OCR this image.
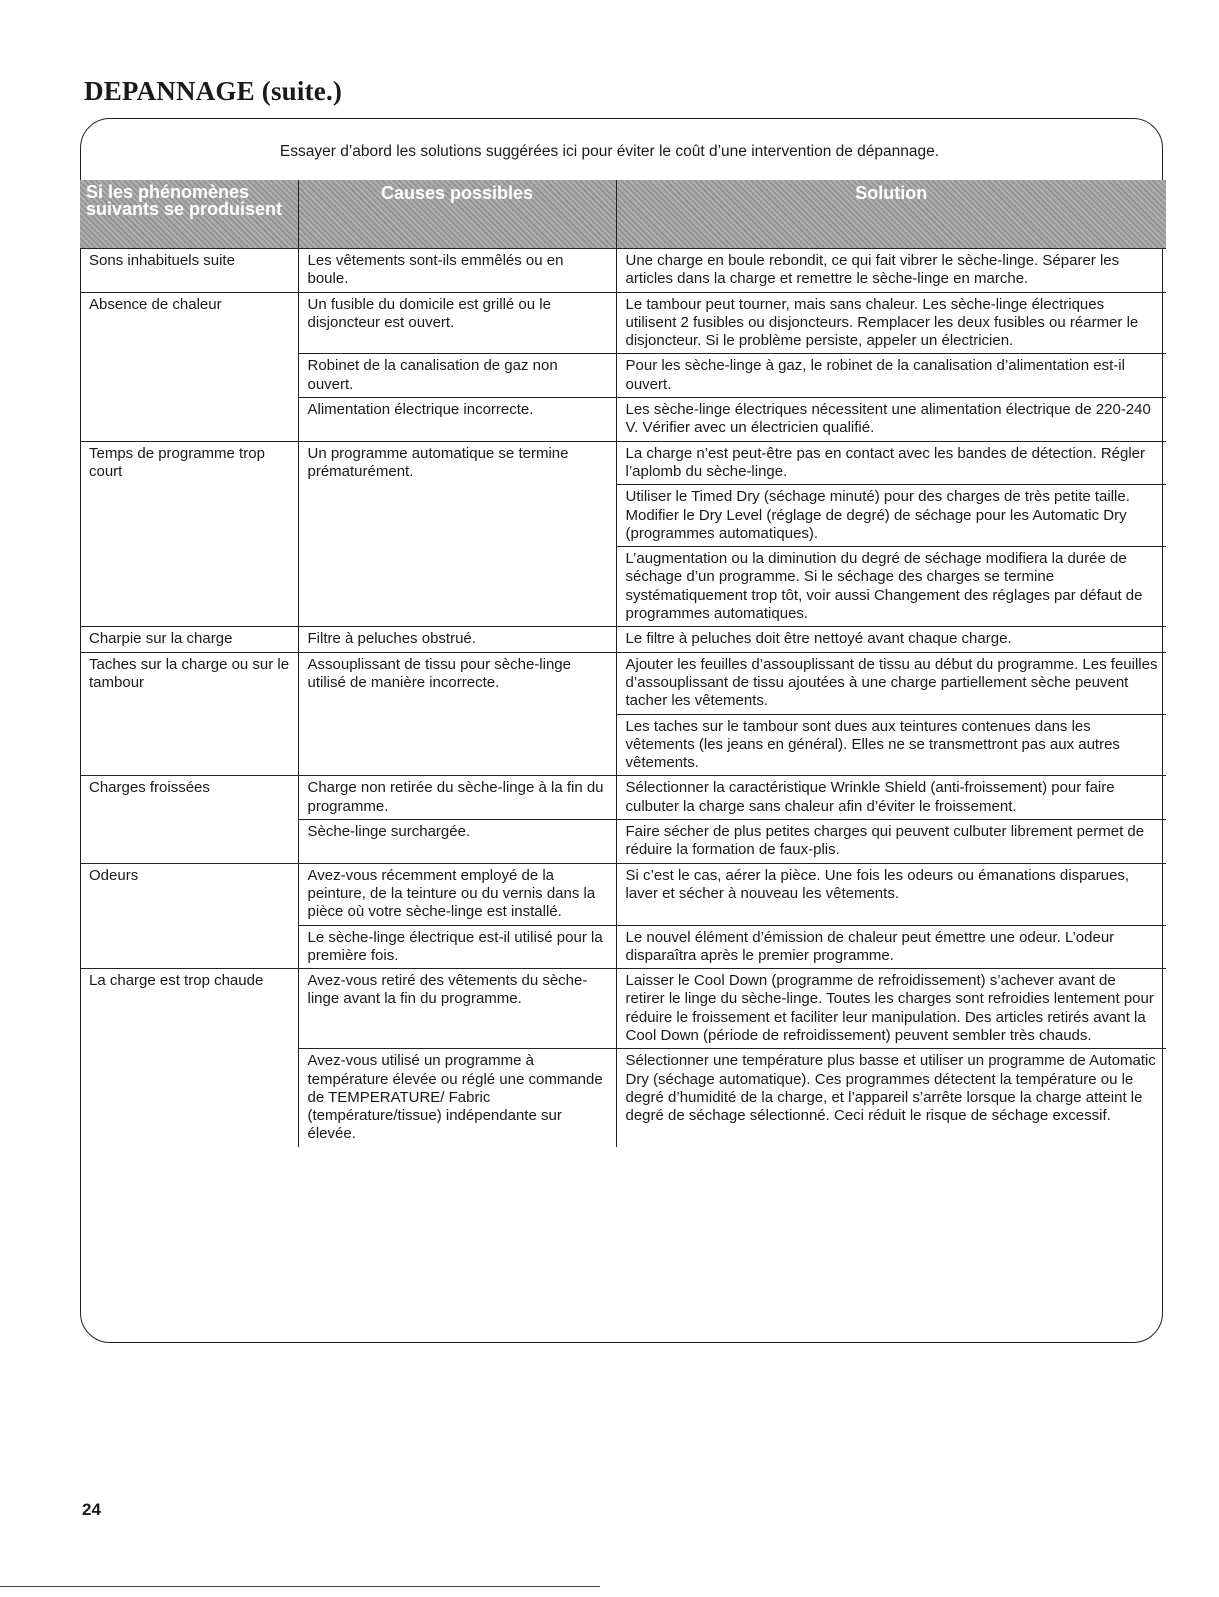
DEPANNAGE (suite.)

Essayer d’abord les solutions suggérées ici pour éviter le coût d’une intervention de dépannage.

Si les phénomènes suivants se produisent	Causes possibles	Solution
Sons inhabituels suite	Les vêtements sont-ils emmêlés ou en boule.	Une charge en boule rebondit, ce qui fait vibrer le sèche-linge. Séparer les articles dans la charge et remettre le sèche-linge en marche.
Absence de chaleur	Un fusible du domicile est grillé ou le disjoncteur est ouvert.	Le tambour peut tourner, mais sans chaleur. Les sèche-linge électriques utilisent 2 fusibles ou disjoncteurs. Remplacer les deux fusibles ou réarmer le disjoncteur. Si le problème persiste, appeler un électricien.
	Robinet de la canalisation de gaz non ouvert.	Pour les sèche-linge à gaz, le robinet de la canalisation d’alimentation est-il ouvert.
	Alimentation électrique incorrecte.	Les sèche-linge électriques nécessitent une alimentation électrique de 220-240 V. Vérifier avec un électricien qualifié.
Temps de programme trop court	Un programme automatique se termine prématurément.	La charge n’est peut-être pas en contact avec les bandes de détection. Régler l’aplomb du sèche-linge.
		Utiliser le Timed Dry (séchage minuté) pour des charges de très petite taille. Modifier le Dry Level (réglage de degré) de séchage pour les Automatic Dry (programmes automatiques).
		L’augmentation ou la diminution du degré de séchage modifiera la durée de séchage d’un programme. Si le séchage des charges se termine systématiquement trop tôt, voir aussi Changement des réglages par défaut de programmes automatiques.
Charpie sur la charge	Filtre à peluches obstrué.	Le filtre à peluches doit être nettoyé avant chaque charge.
Taches sur la charge ou sur le tambour	Assouplissant de tissu pour sèche-linge utilisé de manière incorrecte.	Ajouter les feuilles d’assouplissant de tissu au début du programme. Les feuilles d’assouplissant de tissu ajoutées à une charge partiellement sèche peuvent tacher les vêtements.
		Les taches sur le tambour sont dues aux teintures contenues dans les vêtements (les jeans en général). Elles ne se transmettront pas aux autres vêtements.
Charges froissées	Charge non retirée du sèche-linge à la fin du programme.	Sélectionner la caractéristique Wrinkle Shield (anti-froissement) pour faire culbuter la charge sans chaleur afin d’éviter le froissement.
	Sèche-linge surchargée.	Faire sécher de plus petites charges qui peuvent culbuter librement permet de réduire la formation de faux-plis.
Odeurs	Avez-vous récemment employé de la peinture, de la teinture ou du vernis dans la pièce où votre sèche-linge est installé.	Si c’est le cas, aérer la pièce. Une fois les odeurs ou émanations disparues, laver et sécher à nouveau les vêtements.
	Le sèche-linge électrique est-il utilisé pour la première fois.	Le nouvel élément d’émission de chaleur peut émettre une odeur. L’odeur disparaîtra après le premier programme.
La charge est trop chaude	Avez-vous retiré des vêtements du sèche-linge avant la fin du programme.	Laisser le Cool Down (programme de refroidissement) s’achever avant de retirer le linge du sèche-linge. Toutes les charges sont refroidies lentement pour réduire le froissement et faciliter leur manipulation. Des articles retirés avant la Cool Down (période de refroidissement) peuvent sembler très chauds.
	Avez-vous utilisé un programme à température élevée ou réglé une commande de TEMPERATURE/ Fabric (température/tissue) indépendante sur élevée.	Sélectionner une température plus basse et utiliser un programme de Automatic Dry (séchage automatique). Ces programmes détectent la température ou le degré d’humidité de la charge, et l’appareil s’arrête lorsque la charge atteint le degré de séchage sélectionné. Ceci réduit le risque de séchage excessif.
24
